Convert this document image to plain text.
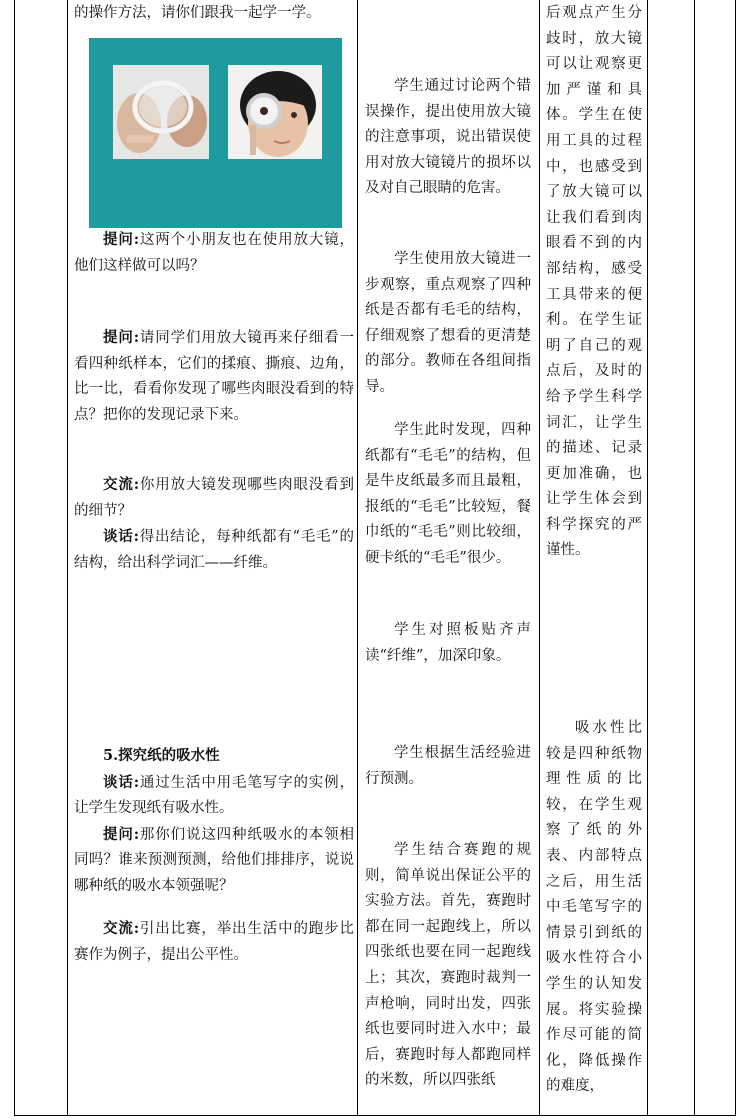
的操作方法，请你们跟我一起学一学。

提问:这两个小朋友也在使用放大镜，他们这样做可以吗？

提问:请同学们用放大镜再来仔细看一看四种纸样本，它们的揉痕、撕痕、边角，比一比，看看你发现了哪些肉眼没看到的特点？把你的发现记录下来。

交流:你用放大镜发现哪些肉眼没看到的细节？

谈话:得出结论，每种纸都有“毛毛”的结构，给出科学词汇——纤维。

5.探究纸的吸水性

谈话:通过生活中用毛笔写字的实例，让学生发现纸有吸水性。

提问:那你们说这四种纸吸水的本领相同吗？谁来预测预测，给他们排排序，说说哪种纸的吸水本领强呢？

交流:引出比赛，举出生活中的跑步比赛作为例子，提出公平性。

学生通过讨论两个错误操作，提出使用放大镜的注意事项，说出错误使用对放大镜镜片的损坏以及对自己眼睛的危害。

学生使用放大镜进一步观察，重点观察了四种纸是否都有毛毛的结构，仔细观察了想看的更清楚的部分。教师在各组间指导。

学生此时发现，四种纸都有“毛毛”的结构，但是牛皮纸最多而且最粗，报纸的“毛毛”比较短，餐巾纸的“毛毛”则比较细，硬卡纸的“毛毛”很少。

学生对照板贴齐声读“纤维”，加深印象。

学生根据生活经验进行预测。

学生结合赛跑的规则，简单说出保证公平的实验方法。首先，赛跑时都在同一起跑线上，所以四张纸也要在同一起跑线上；其次，赛跑时裁判一声枪响，同时出发，四张纸也要同时进入水中；最后，赛跑时每人都跑同样的米数，所以四张纸

后观点产生分歧时，放大镜可以让观察更加严谨和具体。学生在使用工具的过程中，也感受到了放大镜可以让我们看到肉眼看不到的内部结构，感受工具带来的便利。在学生证明了自己的观点后，及时的给予学生科学词汇，让学生的描述、记录更加准确，也让学生体会到科学探究的严谨性。

吸水性比较是四种纸物理性质的比较，在学生观察了纸的外表、内部特点之后，用生活中毛笔写字的情景引到纸的吸水性符合小学生的认知发展。将实验操作尽可能的简化，降低操作的难度，
